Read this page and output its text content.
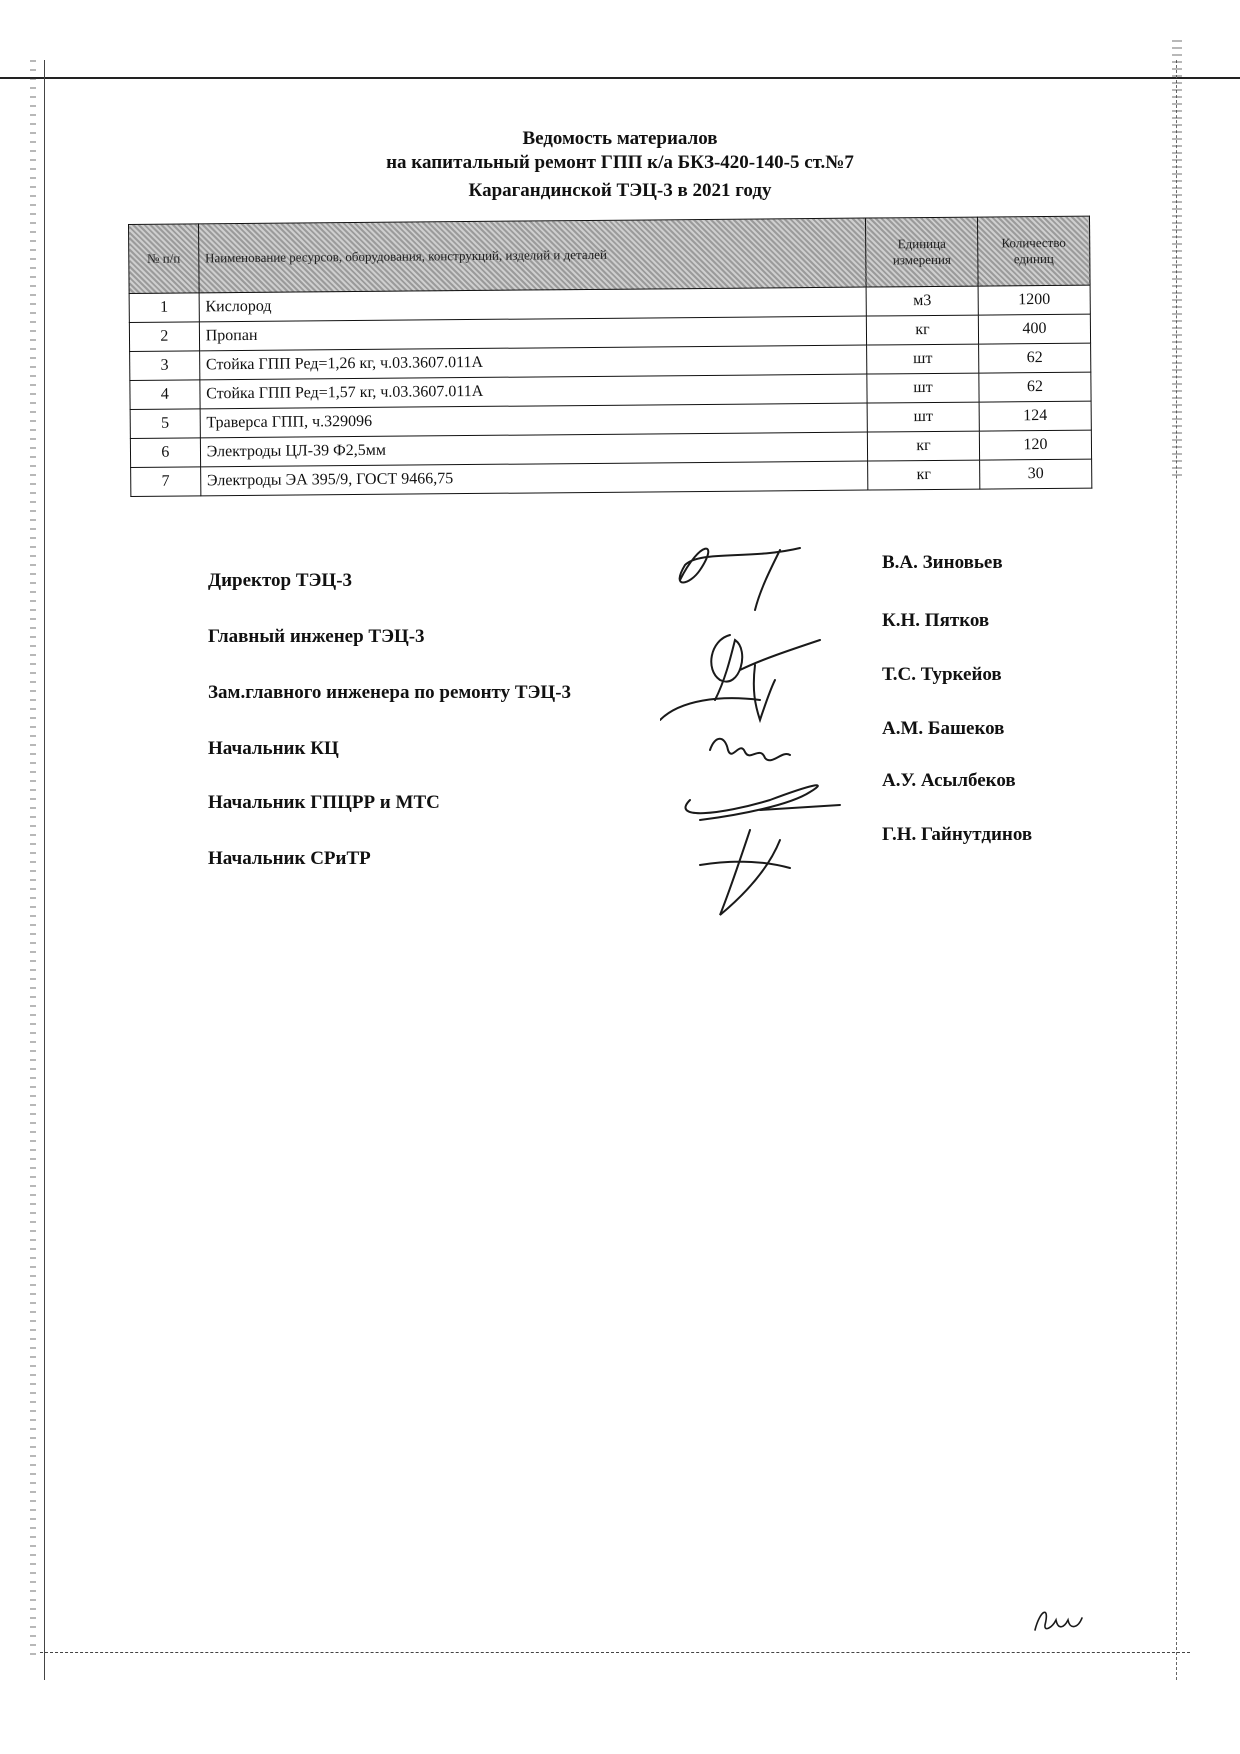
Ведомость материалов
на капитальный ремонт ГПП к/а БКЗ-420-140-5 ст.№7
Карагандинской ТЭЦ-3 в 2021 году
№ п/п	Наименование ресурсов, оборудования, конструкций, изделий и деталей	Единица измерения	Количество единиц
1	Кислород	м3	1200
2	Пропан	кг	400
3	Стойка ГПП Ред=1,26 кг, ч.03.3607.011А	шт	62
4	Стойка ГПП Ред=1,57 кг, ч.03.3607.011А	шт	62
5	Траверса ГПП, ч.329096	шт	124
6	Электроды ЦЛ-39 Ф2,5мм	кг	120
7	Электроды ЭА 395/9, ГОСТ 9466,75	кг	30
Директор ТЭЦ-3
Главный инженер ТЭЦ-3
Зам.главного инженера по ремонту ТЭЦ-3
Начальник КЦ
Начальник ГПЦРР и МТС
Начальник СРиТР
В.А. Зиновьев
К.Н. Пятков
Т.С. Туркейов
А.М. Башеков
А.У. Асылбеков
Г.Н. Гайнутдинов
